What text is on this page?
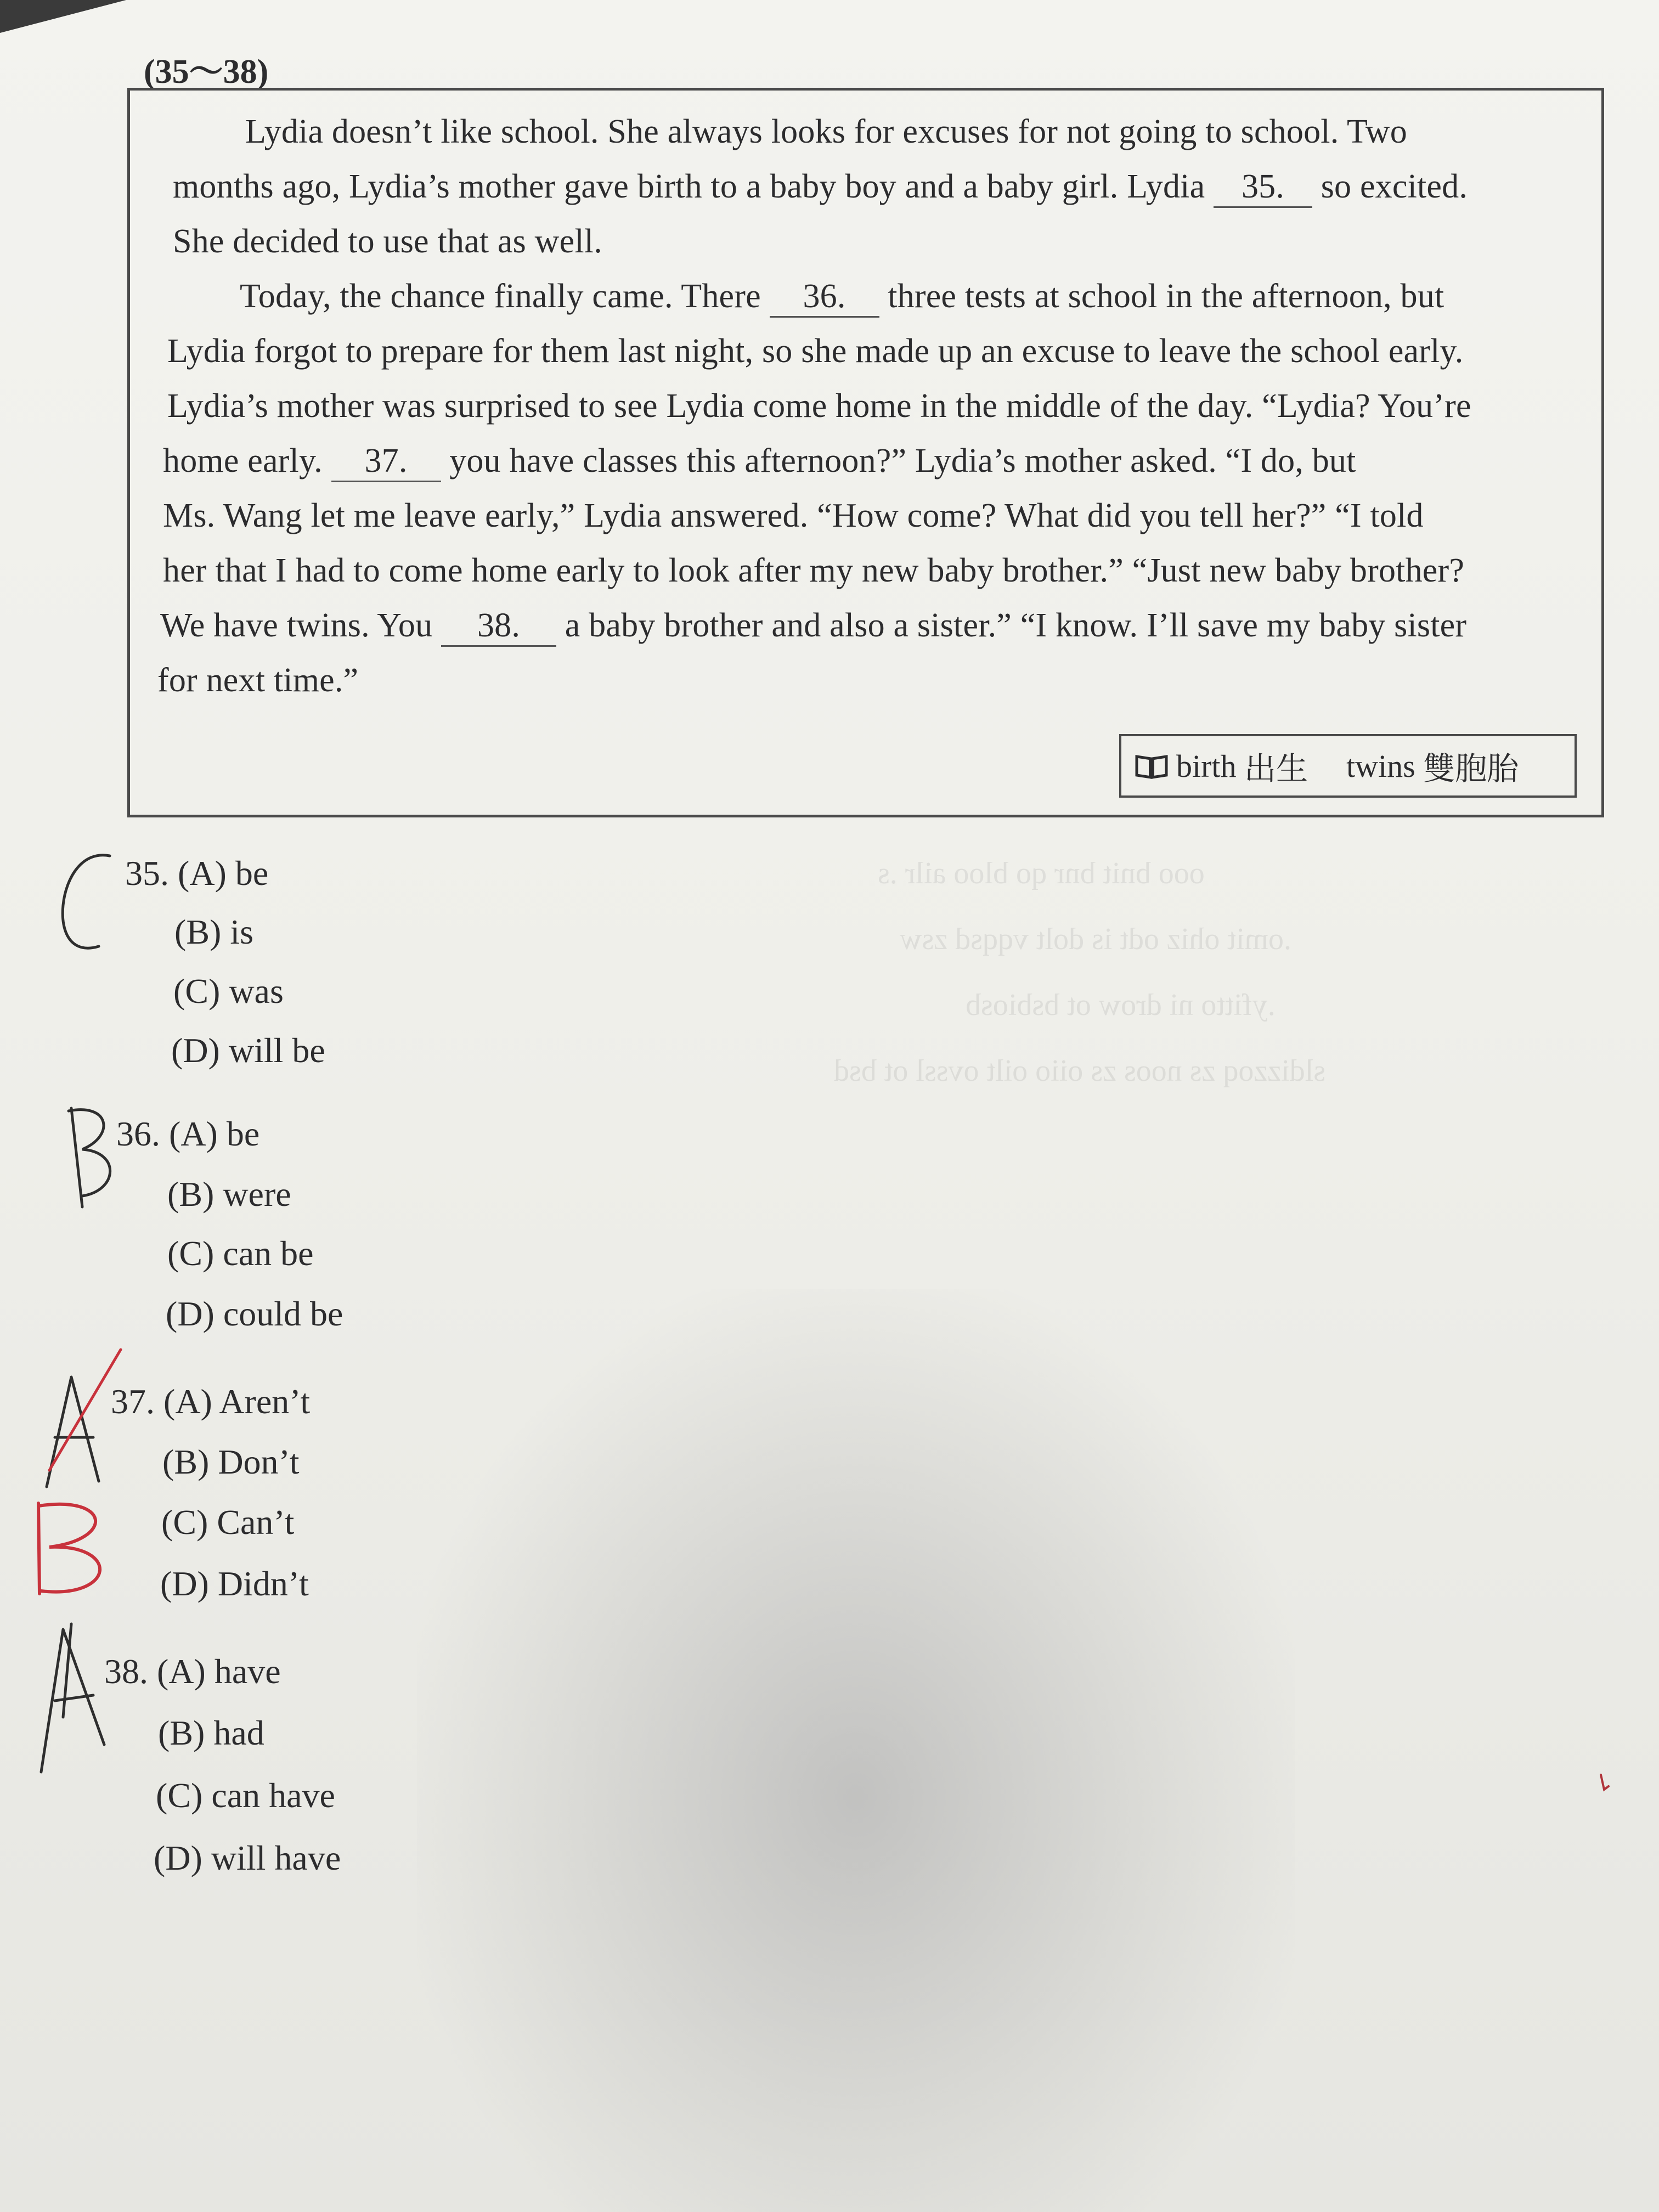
(35～38)
Lydia doesn’t like school. She always looks for excuses for not going to school. Two
months ago, Lydia’s mother gave birth to a baby boy and a baby girl. Lydia 35. so excited.
She decided to use that as well.
Today, the chance finally came. There 36. three tests at school in the afternoon, but
Lydia forgot to prepare for them last night, so she made up an excuse to leave the school early.
Lydia’s mother was surprised to see Lydia come home in the middle of the day. “Lydia? You’re
home early. 37. you have classes this afternoon?” Lydia’s mother asked. “I do, but
Ms. Wang let me leave early,” Lydia answered. “How come? What did you tell her?” “I told
her that I had to come home early to look after my new baby brother.” “Just new baby brother?
We have twins. You 38. a baby brother and also a sister.” “I know. I’ll save my baby sister
for next time.”
birth
出生 twins
雙胞胎
ooo bnit bnr qo bloo ailr .s
.omit ohiz odt is dolt vqqsd zsw
.yfitto ni drow ot bsbiosb
sldizzoq zs noos zs oiio oilt ovssl ot bsd
35. (A) be
(B) is
(C) was
(D) will be
36. (A) be
(B) were
(C) can be
(D) could be
37. (A) Aren’t
(B) Don’t
(C) Can’t
(D) Didn’t
38. (A) have
(B) had
(C) can have
(D) will have
